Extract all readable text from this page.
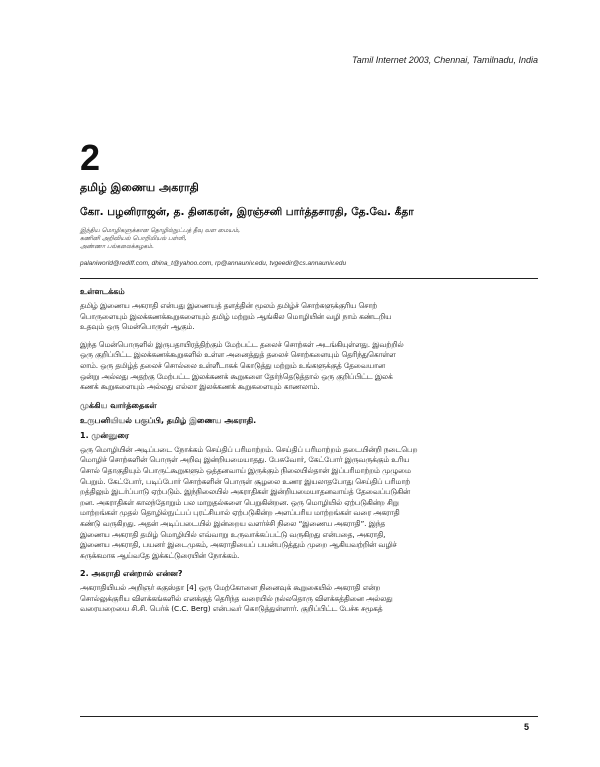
Tamil Internet 2003, Chennai, Tamilnadu, India
2
தமிழ் இணைய அகராதி
கோ. பழனிராஜன், த. தினகரன், இரஞ்சனி பார்த்தசாரதி, தே.வே. கீதா
இந்திய மொழிகளுக்கான தொழில்நுட்பத் தீவு வள மையம்,
கணினி அறிவியல் பொறியியல் பள்ளி,
அண்ணா பல்கலைக்கழகம்.
palaniworld@rediff.com, dhina_t@yahoo.com, rp@annauniv.edu, tvgeedir@cs.annauniv.edu
உள்ளடக்கம்
தமிழ் இணைய அகராதி என்பது இணையத் தளத்தின் மூலம் தமிழ்ச் சொற்களுக்குரிய சொற்
பொருளையும் இலக்கணக்கூறுகளையும் தமிழ் மற்றும் ஆங்கில மொழியின் வழி நாம் கண்டறிய
உதவும் ஒரு மென்பொருள் ஆகும்.
இந்த மென்பொருளில் இருபதாயிரத்திற்கும் மேற்பட்ட தலைச் சொற்கள் அடங்கியுள்ளது. இவற்றில்
ஒரு குறிப்பிட்ட இலக்கணக்கூறுகளில் உள்ள அனைத்துத் தலைச் சொற்களையும் தெரிந்துகொள்ள
லாம். ஒரு தமிழ்த் தலைச் சொல்லை உள்ளீடாகக் கொடுத்து மற்றும் உங்களுக்குத் தேவையான
ஒன்று அல்லது அதற்கு மேற்பட்ட இலக்கணக் கூறுகளை தேர்ந்தெடுத்தால் ஒரு குறிப்பிட்ட இலக்
கணக் கூறுகளையும் அல்லது எல்லா இலக்கணக் கூறுகளையும் காணலாம்.
முக்கிய வார்த்தைகள்
உருபனியியல் பகுப்பி, தமிழ் இணைய அகராதி.
1. முன்னுரை
ஒரு மொழியின் அடிப்படை நோக்கம் செய்திப் பரிமாற்றம். செய்திப் பரிமாற்றம் தடையின்றி நடைபெற
மொழிச் சொற்களின் பொருள் அறிவு இன்றியமையாதது. பேசுவோர், கேட்போர் இருவருக்கும் உரிய
சொல் தொகுதியும் பொருட்கூறுகளும் ஒத்தனவாய் இருக்கும் நிலையில்தான் இப்பரிமாற்றம் முழுமை
பெறும். கேட்போர், படிப்போர் சொற்களின் பொருள் சூழலை உணர இயலாதபோது செய்திப் பரிமாற்
றத்திலும் இடர்ப்பாடு ஏற்படும். இந்நிலையில் அகராதிகள் இன்றியமையாதனவாய்த் தேவைப்படுகின்
றன. அகராதிகள் காலந்தோறும் பல மாறுதல்களை பெறுகின்றன. ஒரு மொழியில் ஏற்படுகின்ற சிறு
மாற்றங்கள் முதல் தொழில்நுட்பப் புரட்சியால் ஏற்படுகின்ற அளப்பரிய மாற்றங்கள் வரை அகராதி
கண்டு வருகிறது. அதன் அடிப்படையில் இன்றைய வளர்ச்சி நிலை “இணைய அகராதி”. இந்த
இணைய அகராதி தமிழ் மொழியில் எவ்வாறு உருவாக்கப்பட்டு வருகிறது என்பதை, அகராதி,
இணைய அகராதி, பயனர் இடைமுகம், அகராதியைப் பயன்படுத்தும் முறை ஆகியவற்றின் வழிச்
சுருக்கமாக ஆய்வதே இக்கட்டுரையின் நோக்கம்.
2. அகராதி என்றால் என்ன?
அகராதியியல் அறிஞர் சுகுஸ்தா [4] ஒரு மேற்கோளை நினைவுக் கூறுகையில் அகராதி என்ற
சொல்லுக்குரிய விளக்கங்களில் எனக்குத் தெரிந்த வரையில் நல்லதொரு விளக்கத்தினை அல்லது
வரையறையை சி.சி. பெர்க் (C.C. Berg) என்பவர் கொடுத்துள்ளார். குறிப்பிட்ட பேச்சு சமூகத்
5
